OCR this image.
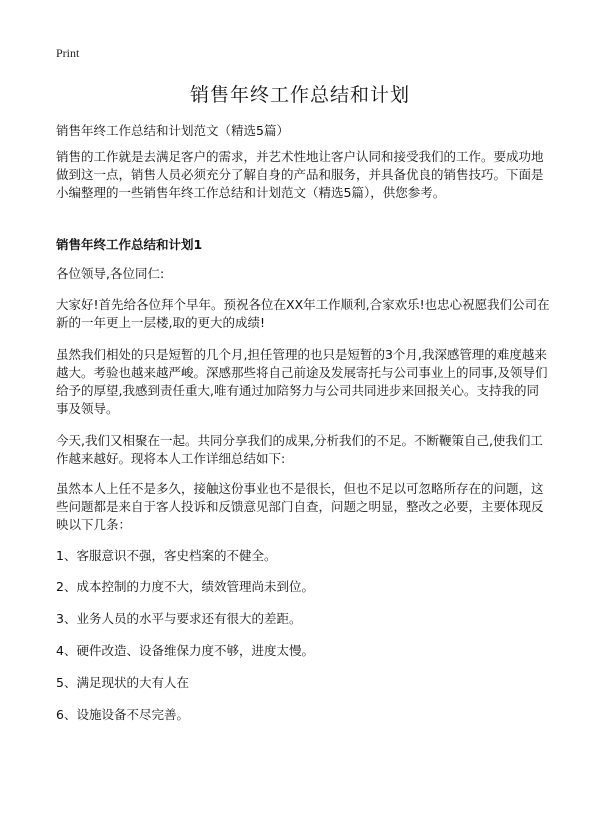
Print
销售年终工作总结和计划
销售年终工作总结和计划范文（精选5篇）

销售的工作就是去满足客户的需求，并艺术性地让客户认同和接受我们的工作。要成功地做到这一点，销售人员必须充分了解自身的产品和服务，并具备优良的销售技巧。下面是小编整理的一些销售年终工作总结和计划范文（精选5篇），供您参考。

销售年终工作总结和计划1

各位领导,各位同仁:

大家好!首先给各位拜个早年。预祝各位在XX年工作顺利,合家欢乐!也忠心祝愿我们公司在新的一年更上一层楼,取的更大的成绩!

虽然我们相处的只是短暂的几个月,担任管理的也只是短暂的3个月,我深感管理的难度越来越大。考验也越来越严峻。深感那些将自己前途及发展寄托与公司事业上的同事,及领导们给予的厚望,我感到责任重大,唯有通过加陪努力与公司共同进步来回报关心。支持我的同事及领导。

今天,我们又相聚在一起。共同分享我们的成果,分析我们的不足。不断鞭策自己,使我们工作越来越好。现将本人工作详细总结如下:

虽然本人上任不是多久，接触这份事业也不是很长，但也不足以可忽略所存在的问题，这些问题都是来自于客人投诉和反馈意见部门自查，问题之明显，整改之必要，主要体现反映以下几条：

1、客服意识不强，客史档案的不健全。
2、成本控制的力度不大，绩效管理尚未到位。
3、业务人员的水平与要求还有很大的差距。
4、硬件改造、设备维保力度不够，进度太慢。
5、满足现状的大有人在
6、设施设备不尽完善。
